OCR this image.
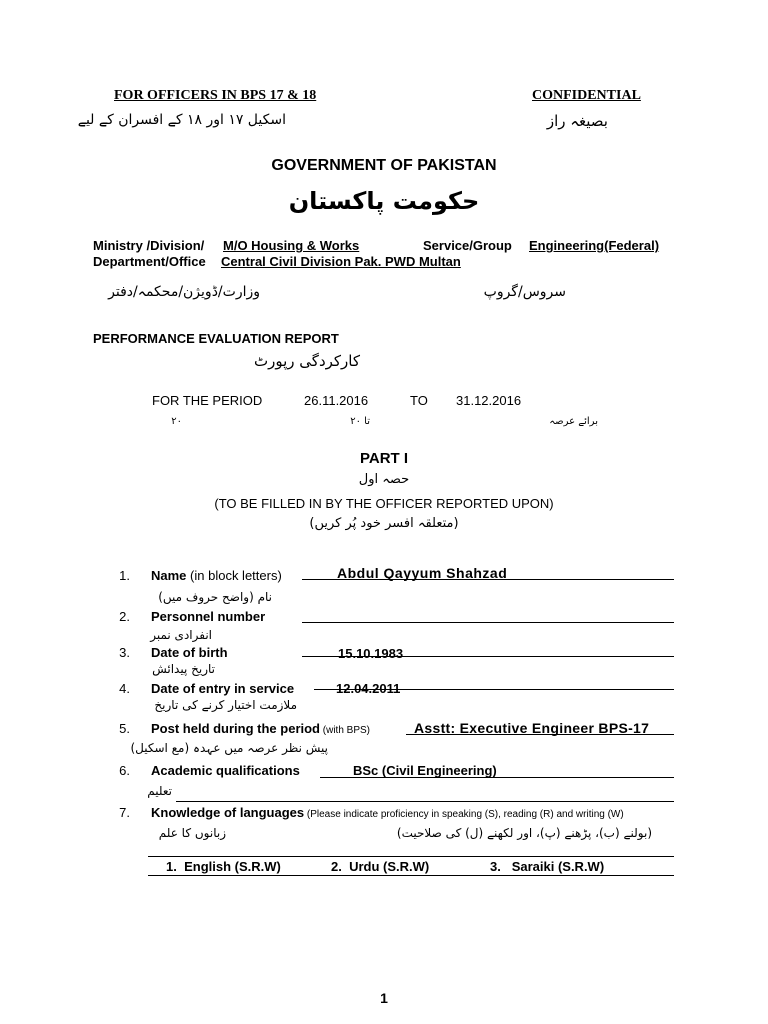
FOR OFFICERS IN BPS 17 & 18	CONFIDENTIAL
اسکیل ۱۷ اور ۱۸ کے افسران کے لیے	بصیغہ راز
GOVERNMENT OF PAKISTAN
حکومت پاکستان
Ministry /Division/ M/O Housing & Works	Service/Group Engineering(Federal)
Department/Office Central Civil Division Pak. PWD Multan
وزارت/ڈویژن/محکمہ/دفتر	سروس/گروپ
PERFORMANCE EVALUATION REPORT
کارکردگی رپورٹ
FOR THE PERIOD	26.11.2016	TO 31.12.2016
۲۰	تا ۲۰	برائے عرصہ
PART I
حصہ اول
(TO BE FILLED IN BY THE OFFICER REPORTED UPON)
(متعلقہ افسر خود پُر کریں)
1. Name (in block letters)	Abdul Qayyum Shahzad
نام (واضح حروف میں)
2. Personnel number
انفرادی نمبر
3. Date of birth	15.10.1983
تاریخ پیدائش
4. Date of entry in service	12.04.2011
ملازمت اختیار کرنے کی تاریخ
5. Post held during the period (with BPS)	Asstt: Executive Engineer BPS-17
پیش نظر عرصہ میں عہدہ (مع اسکیل)
6. Academic qualifications	BSc (Civil Engineering)
تعلیم
7. Knowledge of languages (Please indicate proficiency in speaking (S), reading (R) and writing (W)
زبانوں کا علم	(بولنے (ب)، پڑھنے (پ)، اور لکھنے (ل) کی صلاحیت)
1. English (S.R.W)	2. Urdu (S.R.W)	3. Saraiki (S.R.W)
1
